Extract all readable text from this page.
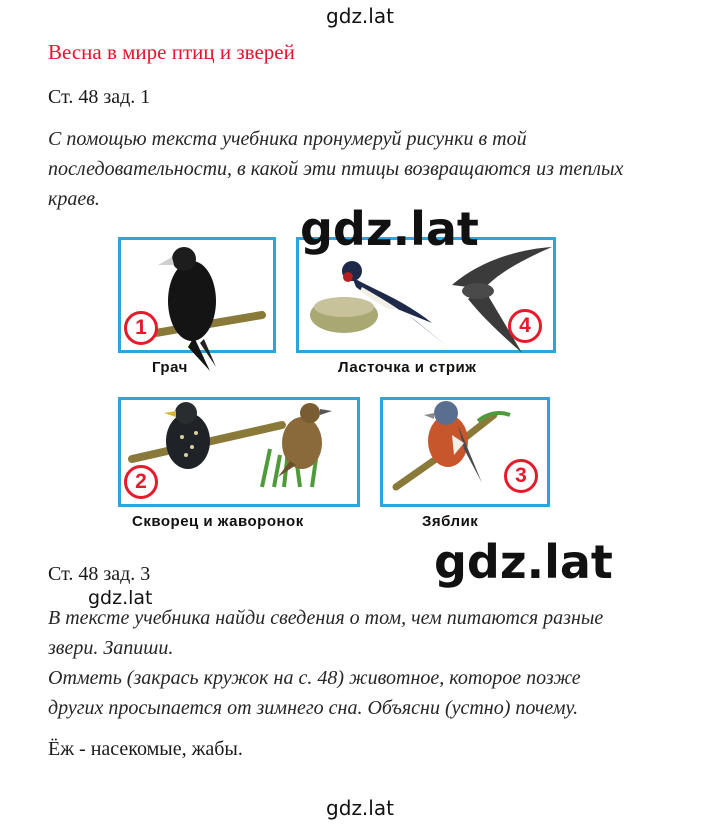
gdz.lat
Весна в мире птиц и зверей
Ст. 48 зад. 1
С помощью текста учебника пронумеруй рисунки в той
последовательности, в какой эти птицы возвращаются из теплых
краев.
1	4
2	3
Грач	Ласточка и стриж
Скворец и жаворонок	Зяблик
gdz.lat
Ст. 48 зад. 3
gdz.lat
gdz.lat
В тексте учебника найди сведения о том, чем питаются разные
звери. Запиши.
Отметь (закрась кружок на с. 48) животное, которое позже
других просыпается от зимнего сна. Объясни (устно) почему.
Ёж - насекомые, жабы.
gdz.lat
